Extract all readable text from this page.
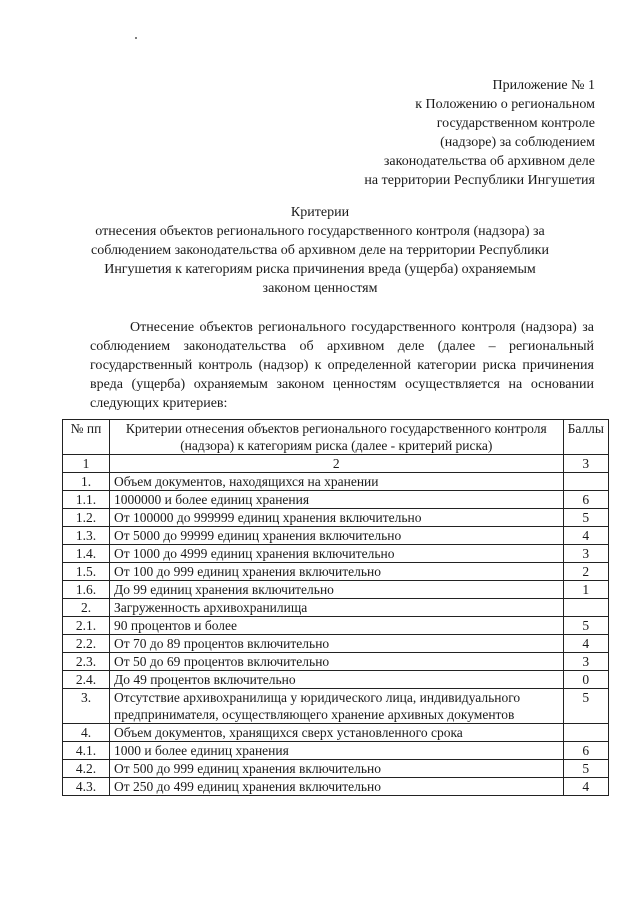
Приложение № 1
к Положению о региональном
государственном контроле
(надзоре) за соблюдением
законодательства об архивном деле
на территории Республики Ингушетия
Критерии
отнесения объектов регионального государственного контроля (надзора) за
соблюдением законодательства об архивном деле на территории Республики
Ингушетия к категориям риска причинения вреда (ущерба) охраняемым
законом ценностям

Отнесение объектов регионального государственного контроля (надзора) за соблюдением законодательства об архивном деле (далее – региональный государственный контроль (надзор) к определенной категории риска причинения вреда (ущерба) охраняемым законом ценностям осуществляется на основании следующих критериев:

№ пп	Критерии отнесения объектов регионального государственного контроля (надзора) к категориям риска (далее - критерий риска)	Баллы
1	2	3
1.	Объем документов, находящихся на хранении	
1.1.	1000000 и более единиц хранения	6
1.2.	От 100000 до 999999 единиц хранения включительно	5
1.3.	От 5000 до 99999 единиц хранения включительно	4
1.4.	От 1000 до 4999 единиц хранения включительно	3
1.5.	От 100 до 999 единиц хранения включительно	2
1.6.	До 99 единиц хранения включительно	1
2.	Загруженность архивохранилища	
2.1.	90 процентов и более	5
2.2.	От 70 до 89 процентов включительно	4
2.3.	От 50 до 69 процентов включительно	3
2.4.	До 49 процентов включительно	0
3.	Отсутствие архивохранилища у юридического лица, индивидуального предпринимателя, осуществляющего хранение архивных документов	5
4.	Объем документов, хранящихся сверх установленного срока	
4.1.	1000 и более единиц хранения	6
4.2.	От 500 до 999 единиц хранения включительно	5
4.3.	От 250 до 499 единиц хранения включительно	4
